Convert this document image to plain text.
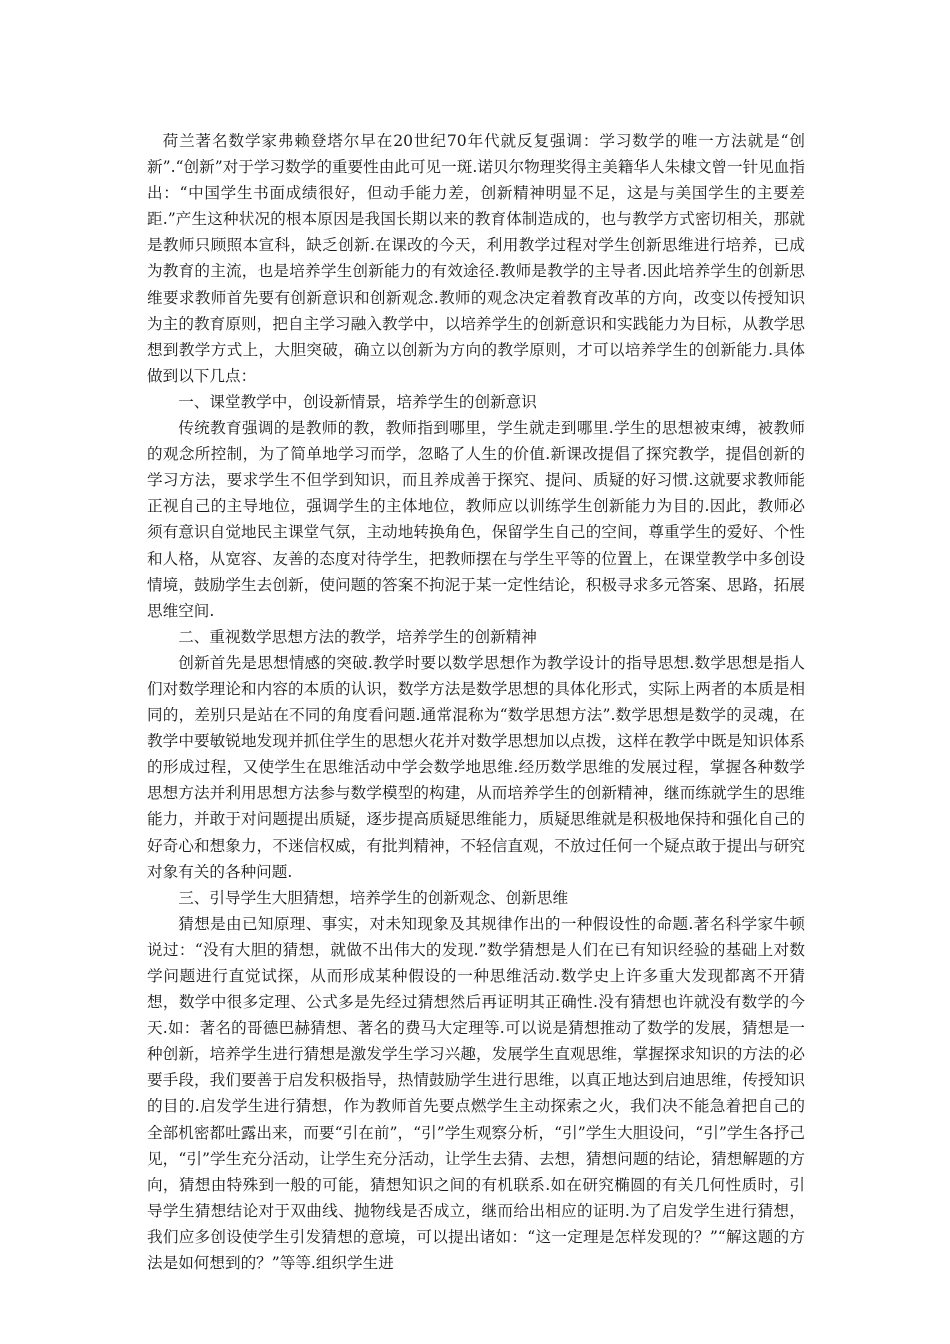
荷兰著名数学家弗赖登塔尔早在20世纪70年代就反复强调：学习数学的唯一方法就是“创新”.“创新”对于学习数学的重要性由此可见一斑.诺贝尔物理奖得主美籍华人朱棣文曾一针见血指出：“中国学生书面成绩很好，但动手能力差，创新精神明显不足，这是与美国学生的主要差距.”产生这种状况的根本原因是我国长期以来的教育体制造成的，也与教学方式密切相关，那就是教师只顾照本宣科，缺乏创新.在课改的今天，利用教学过程对学生创新思维进行培养，已成为教育的主流，也是培养学生创新能力的有效途径.教师是教学的主导者.因此培养学生的创新思维要求教师首先要有创新意识和创新观念.教师的观念决定着教育改革的方向，改变以传授知识为主的教育原则，把自主学习融入教学中，以培养学生的创新意识和实践能力为目标，从教学思想到教学方式上，大胆突破，确立以创新为方向的教学原则，才可以培养学生的创新能力.具体做到以下几点：

一、课堂教学中，创设新情景，培养学生的创新意识

传统教育强调的是教师的教，教师指到哪里，学生就走到哪里.学生的思想被束缚，被教师的观念所控制，为了简单地学习而学，忽略了人生的价值.新课改提倡了探究教学，提倡创新的学习方法，要求学生不但学到知识，而且养成善于探究、提问、质疑的好习惯.这就要求教师能正视自己的主导地位，强调学生的主体地位，教师应以训练学生创新能力为目的.因此，教师必须有意识自觉地民主课堂气氛，主动地转换角色，保留学生自己的空间，尊重学生的爱好、个性和人格，从宽容、友善的态度对待学生，把教师摆在与学生平等的位置上，在课堂教学中多创设情境，鼓励学生去创新，使问题的答案不拘泥于某一定性结论，积极寻求多元答案、思路，拓展思维空间.

二、重视数学思想方法的教学，培养学生的创新精神

创新首先是思想情感的突破.教学时要以数学思想作为教学设计的指导思想.数学思想是指人们对数学理论和内容的本质的认识，数学方法是数学思想的具体化形式，实际上两者的本质是相同的，差别只是站在不同的角度看问题.通常混称为“数学思想方法”.数学思想是数学的灵魂，在教学中要敏锐地发现并抓住学生的思想火花并对数学思想加以点拨，这样在教学中既是知识体系的形成过程，又使学生在思维活动中学会数学地思维.经历数学思维的发展过程，掌握各种数学思想方法并利用思想方法参与数学模型的构建，从而培养学生的创新精神，继而练就学生的思维能力，并敢于对问题提出质疑，逐步提高质疑思维能力，质疑思维就是积极地保持和强化自己的好奇心和想象力，不迷信权威，有批判精神，不轻信直观，不放过任何一个疑点敢于提出与研究对象有关的各种问题.

三、引导学生大胆猜想，培养学生的创新观念、创新思维

猜想是由已知原理、事实，对未知现象及其规律作出的一种假设性的命题.著名科学家牛顿说过：“没有大胆的猜想，就做不出伟大的发现.”数学猜想是人们在已有知识经验的基础上对数学问题进行直觉试探，从而形成某种假设的一种思维活动.数学史上许多重大发现都离不开猜想，数学中很多定理、公式多是先经过猜想然后再证明其正确性.没有猜想也许就没有数学的今天.如：著名的哥德巴赫猜想、著名的费马大定理等.可以说是猜想推动了数学的发展，猜想是一种创新，培养学生进行猜想是激发学生学习兴趣，发展学生直观思维，掌握探求知识的方法的必要手段，我们要善于启发积极指导，热情鼓励学生进行思维，以真正地达到启迪思维，传授知识的目的.启发学生进行猜想，作为教师首先要点燃学生主动探索之火，我们决不能急着把自己的全部机密都吐露出来，而要“引在前”，“引”学生观察分析，“引”学生大胆设问，“引”学生各抒己见，“引”学生充分活动，让学生充分活动，让学生去猜、去想，猜想问题的结论，猜想解题的方向，猜想由特殊到一般的可能，猜想知识之间的有机联系.如在研究椭圆的有关几何性质时，引导学生猜想结论对于双曲线、抛物线是否成立，继而给出相应的证明.为了启发学生进行猜想，我们应多创设使学生引发猜想的意境，可以提出诸如：“这一定理是怎样发现的？”“解这题的方法是如何想到的？”等等.组织学生进
